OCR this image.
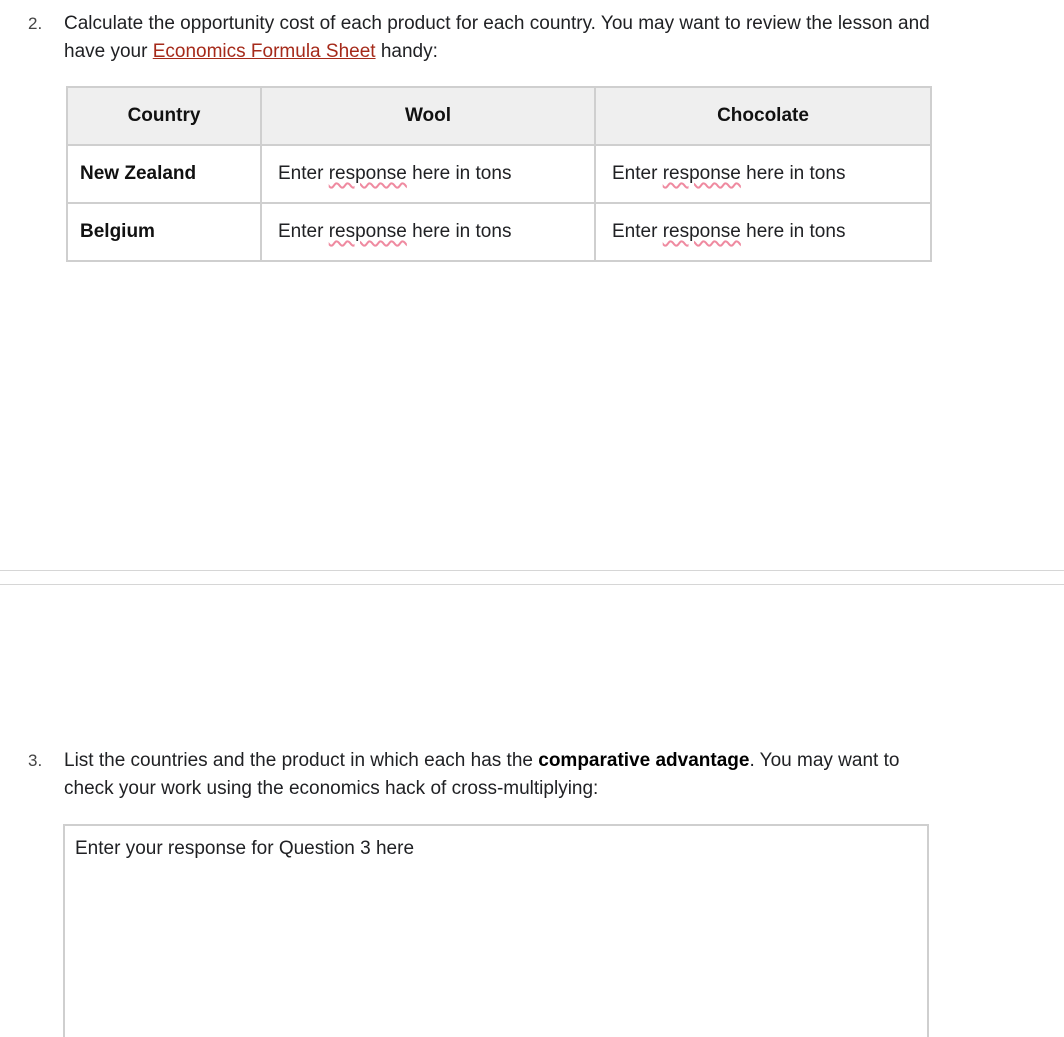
2. Calculate the opportunity cost of each product for each country. You may want to review the lesson and have your Economics Formula Sheet handy:
Country	Wool	Chocolate
New Zealand	Enter response here in tons	Enter response here in tons
Belgium	Enter response here in tons	Enter response here in tons
3. List the countries and the product in which each has the comparative advantage. You may want to check your work using the economics hack of cross-multiplying:
Enter your response for Question 3 here
